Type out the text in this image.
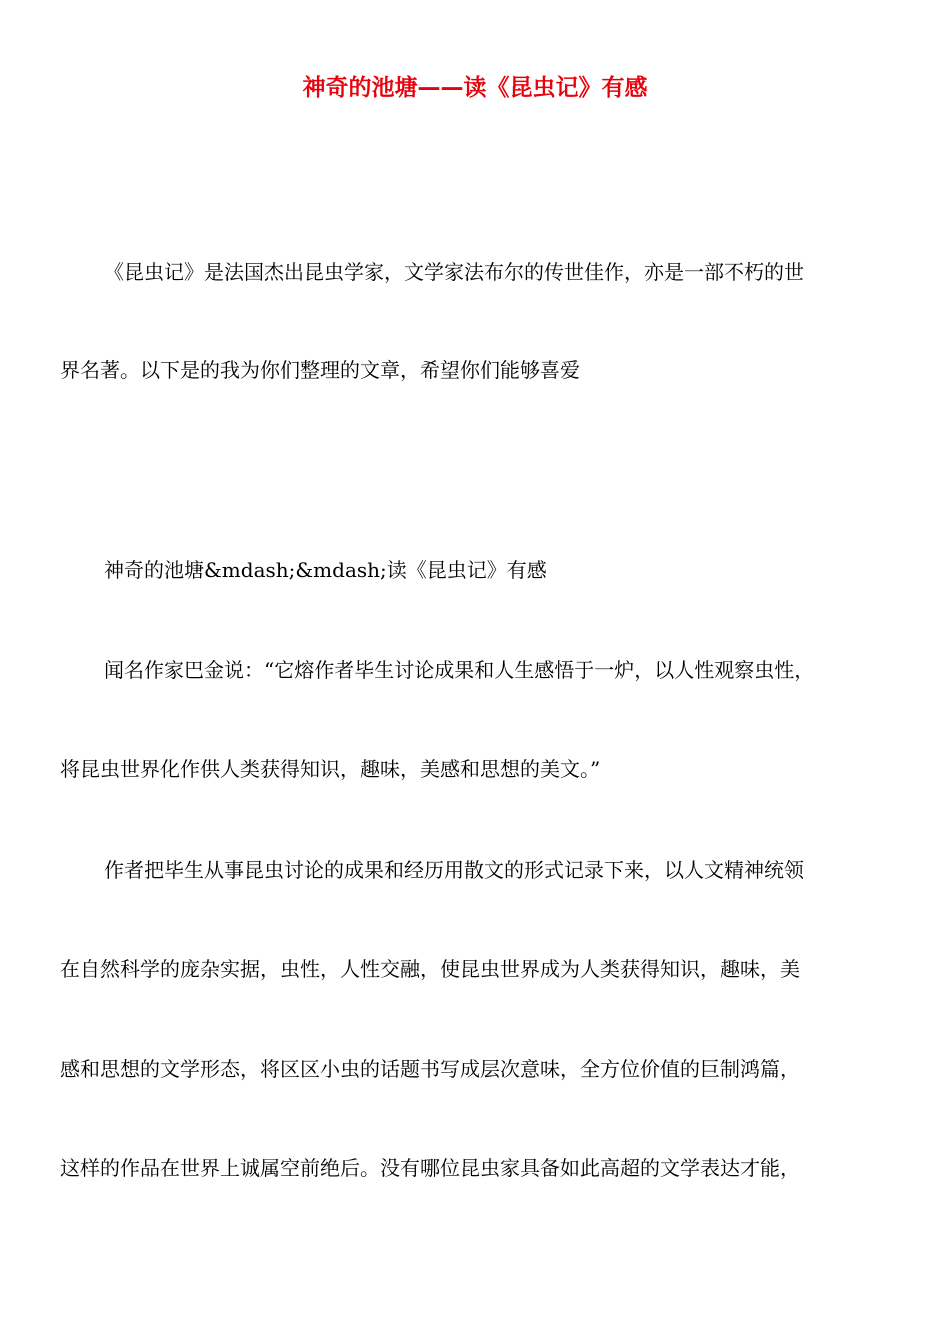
神奇的池塘——读《昆虫记》有感
《昆虫记》是法国杰出昆虫学家，文学家法布尔的传世佳作，亦是一部不朽的世
界名著。以下是的我为你们整理的文章，希望你们能够喜爱
神奇的池塘&mdash;&mdash;读《昆虫记》有感
闻名作家巴金说：“它熔作者毕生讨论成果和人生感悟于一炉，以人性观察虫性，
将昆虫世界化作供人类获得知识，趣味，美感和思想的美文。”
作者把毕生从事昆虫讨论的成果和经历用散文的形式记录下来，以人文精神统领
在自然科学的庞杂实据，虫性，人性交融，使昆虫世界成为人类获得知识，趣味，美
感和思想的文学形态，将区区小虫的话题书写成层次意味，全方位价值的巨制鸿篇，
这样的作品在世界上诚属空前绝后。没有哪位昆虫家具备如此高超的文学表达才能，
